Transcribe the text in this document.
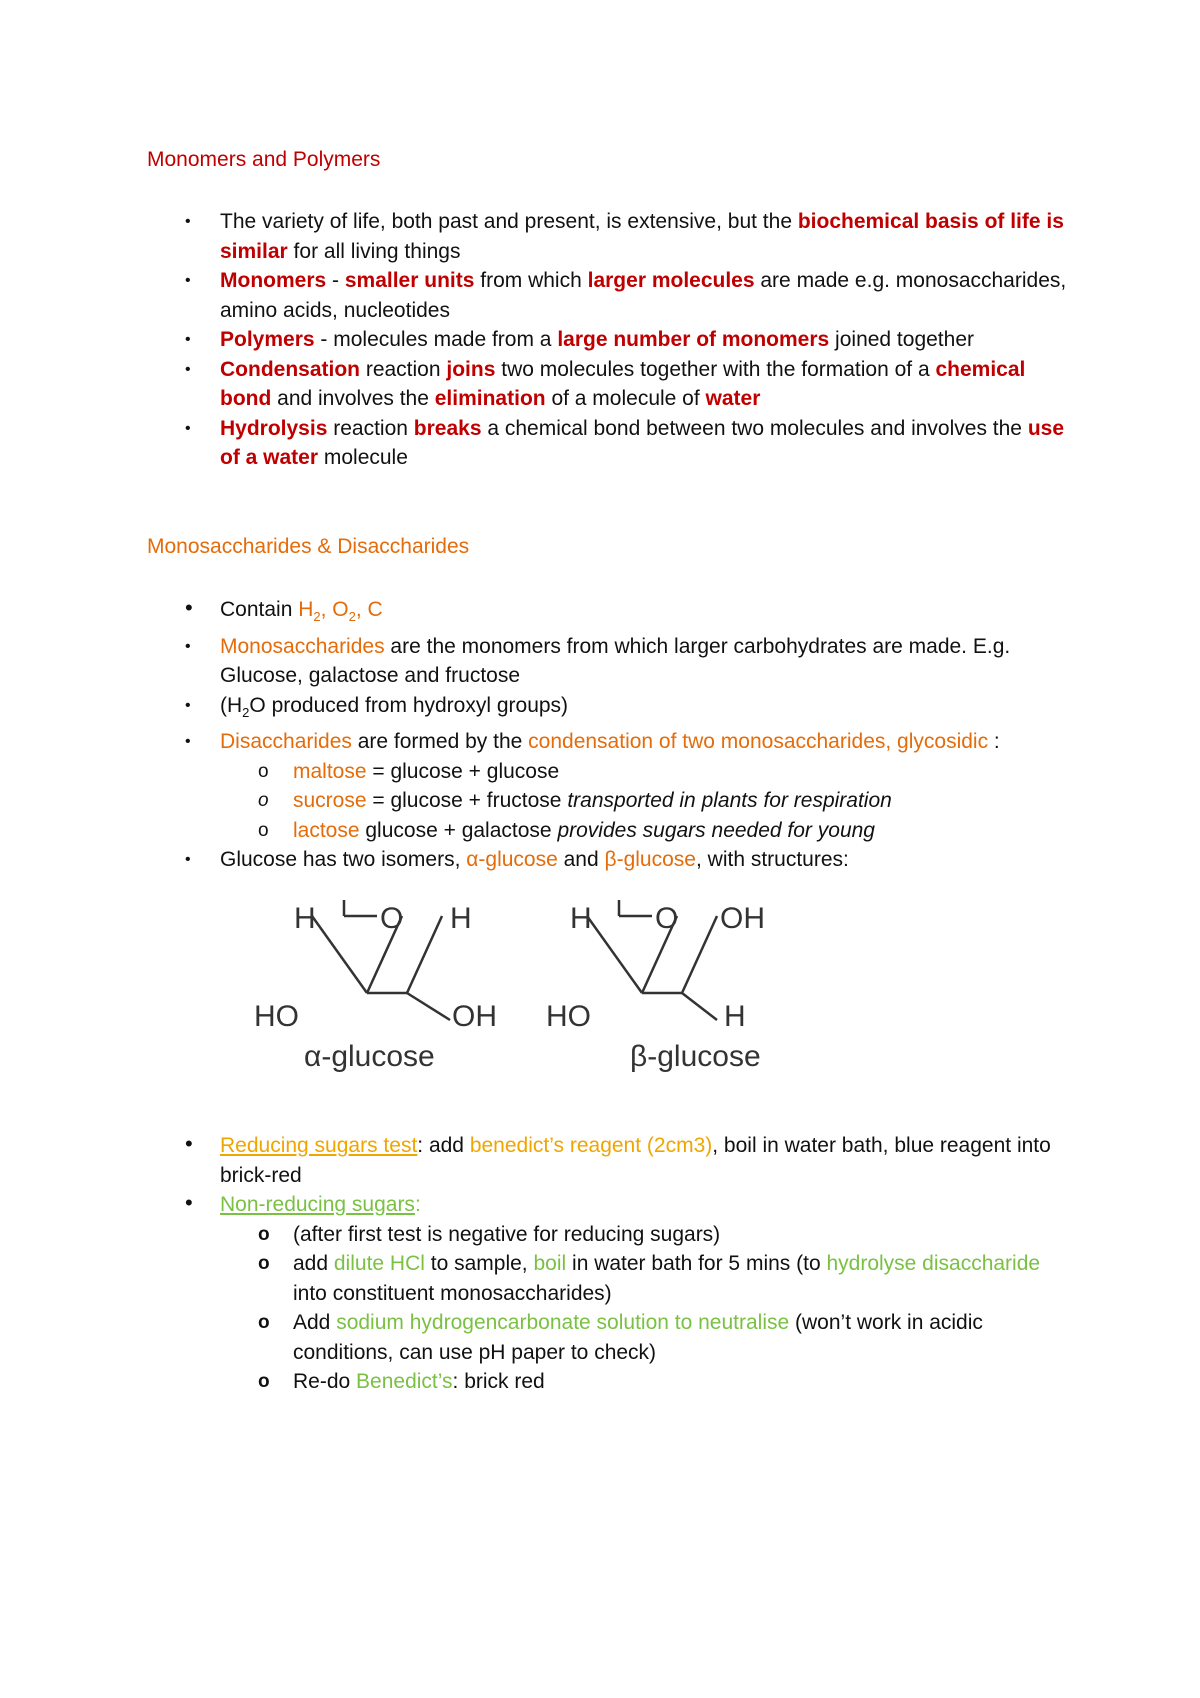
Monomers and Polymers
• The variety of life, both past and present, is extensive, but the biochemical basis of life is similar for all living things
• Monomers - smaller units from which larger molecules are made e.g. monosaccharides, amino acids, nucleotides
• Polymers - molecules made from a large number of monomers joined together
• Condensation reaction joins two molecules together with the formation of a chemical bond and involves the elimination of a molecule of water
• Hydrolysis reaction breaks a chemical bond between two molecules and involves the use of a water molecule
Monosaccharides & Disaccharides
• Contain $H_2$, $O_2$, C
• Monosaccharides are the monomers from which larger carbohydrates are made. E.g. Glucose, galactose and fructose
• ($H_2O$ produced from hydroxyl groups)
• Disaccharides are formed by the condensation of two monosaccharides, glycosidic :
o maltose = glucose + glucose
o sucrose = glucose + fructose transported in plants for respiration
o lactose glucose + galactose provides sugars needed for young
• Glucose has two isomers, α-glucose and β-glucose, with structures:
H O H
HO	OH
α-glucose
H O OH
HO	H
β-glucose
• Reducing sugars test: add benedict’s reagent (2cm3), boil in water bath, blue reagent into brick-red
• Non-reducing sugars:
o (after first test is negative for reducing sugars)
o add dilute HCl to sample, boil in water bath for 5 mins (to hydrolyse disaccharide into constituent monosaccharides)
o Add sodium hydrogencarbonate solution to neutralise (won’t work in acidic conditions, can use pH paper to check)
o Re-do Benedict’s: brick red
